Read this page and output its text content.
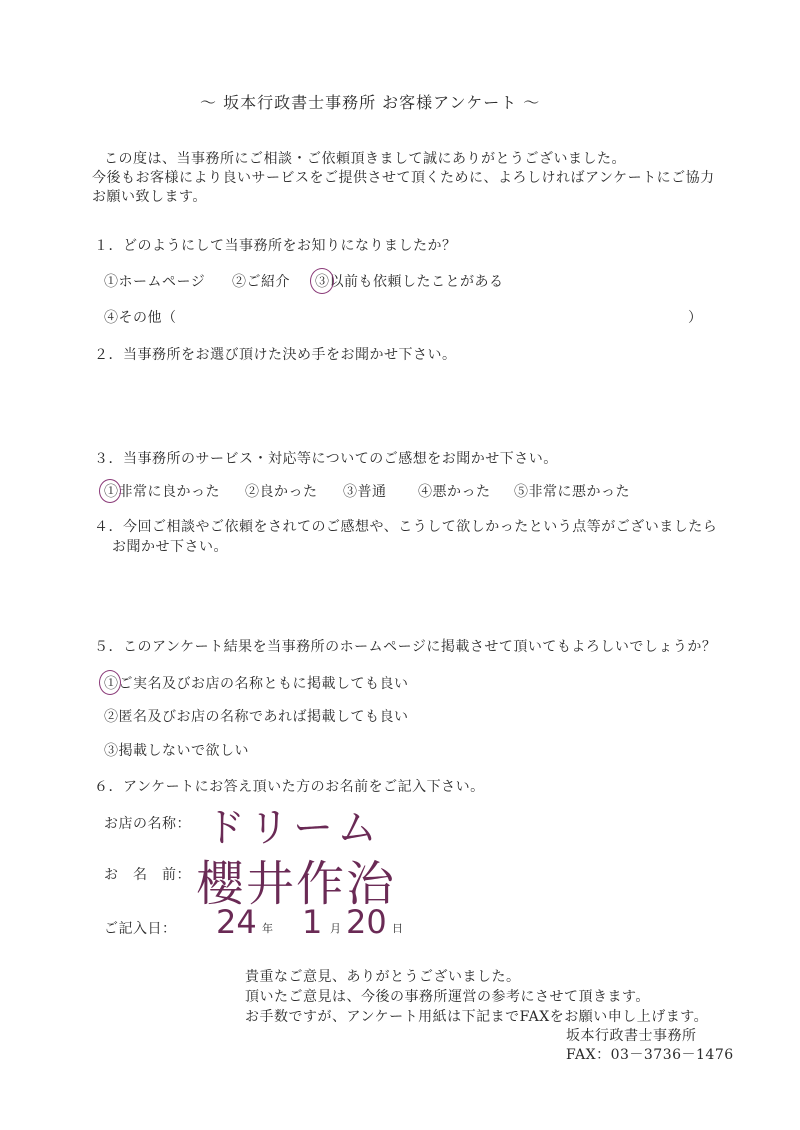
～ 坂本行政書士事務所 お客様アンケート ～
この度は、当事務所にご相談・ご依頼頂きまして誠にありがとうございました。
今後もお客様により良いサービスをご提供させて頂くために、よろしければアンケートにご協力
お願い致します。
１．どのようにして当事務所をお知りになりましたか？
①ホームページ ②ご紹介 ③以前も依頼したことがある
④その他（	）
２．当事務所をお選び頂けた決め手をお聞かせ下さい。
３．当事務所のサービス・対応等についてのご感想をお聞かせ下さい。
①非常に良かった ②良かった ③普通 ④悪かった ⑤非常に悪かった
４．今回ご相談やご依頼をされてのご感想や、こうして欲しかったという点等がございましたら
お聞かせ下さい。
５．このアンケート結果を当事務所のホームページに掲載させて頂いてもよろしいでしょうか？
①ご実名及びお店の名称ともに掲載しても良い
②匿名及びお店の名称であれば掲載しても良い
③掲載しないで欲しい
６．アンケートにお答え頂いた方のお名前をご記入下さい。
お店の名称： ドリーム
お　名　前： 櫻井作治
ご記入日： 24 年 1 月 20 日
貴重なご意見、ありがとうございました。
頂いたご意見は、今後の事務所運営の参考にさせて頂きます。
お手数ですが、アンケート用紙は下記までFAXをお願い申し上げます。
坂本行政書士事務所
FAX：03－3736－1476
